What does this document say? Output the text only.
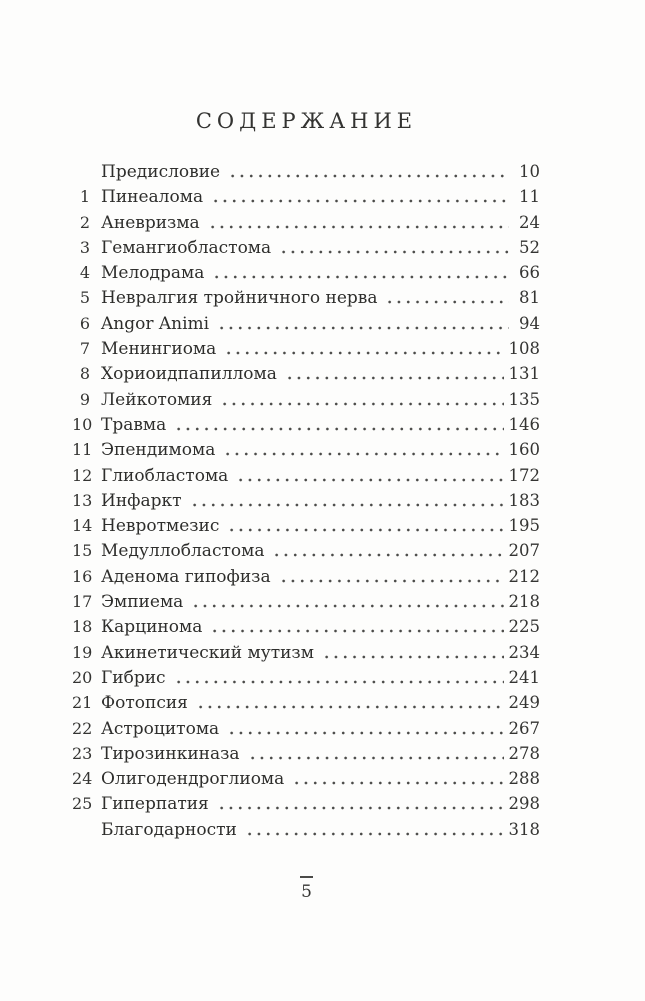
СОДЕРЖАНИЕ
Предисловие	10
1 Пинеалома	11
2 Аневризма	24
3 Гемангиобластома	52
4 Мелодрама	66
5 Невралгия тройничного нерва	81
6 Angor Animi	94
7 Менингиома	108
8 Хориоидпапиллома	131
9 Лейкотомия	135
10 Травма	146
11 Эпендимома	160
12 Глиобластома	172
13 Инфаркт	183
14 Невротмезис	195
15 Медуллобластома	207
16 Аденома гипофиза	212
17 Эмпиема	218
18 Карцинома	225
19 Акинетический мутизм	234
20 Гибрис	241
21 Фотопсия	249
22 Астроцитома	267
23 Тирозинкиназа	278
24 Олигодендроглиома	288
25 Гиперпатия	298
Благодарности	318
5
